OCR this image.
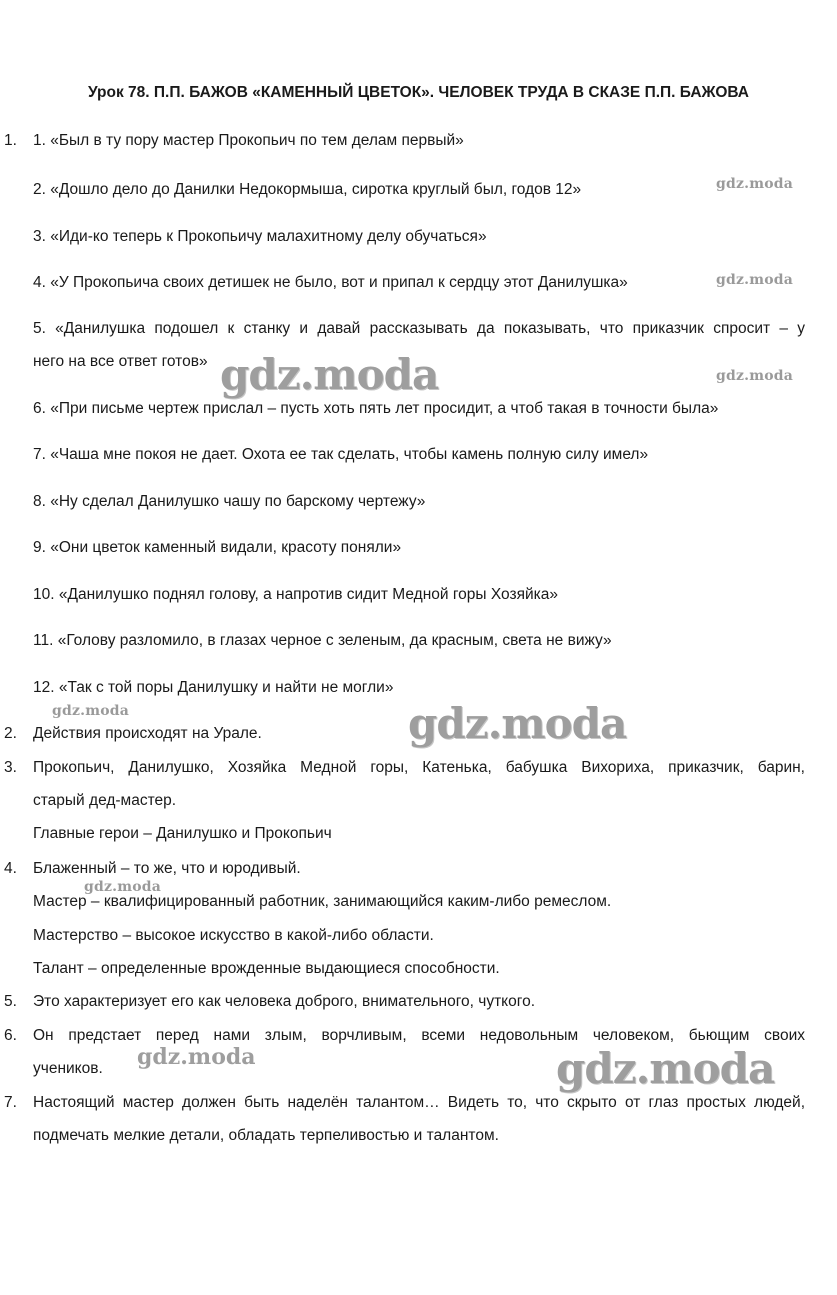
Урок 78. П.П. БАЖОВ «КАМЕННЫЙ ЦВЕТОК». ЧЕЛОВЕК ТРУДА В СКАЗЕ П.П. БАЖОВА
1. 1. «Был в ту пору мастер Прокопьич по тем делам первый»
2. «Дошло дело до Данилки Недокормыша, сиротка круглый был, годов 12»
3. «Иди-ко теперь к Прокопьичу малахитному делу обучаться»
4. «У Прокопьича своих детишек не было, вот и припал к сердцу этот Данилушка»
5. «Данилушка подошел к станку и давай рассказывать да показывать, что приказчик спросит – у
него на все ответ готов»
6. «При письме чертеж прислал – пусть хоть пять лет просидит, а чтоб такая в точности была»
7. «Чаша мне покоя не дает. Охота ее так сделать, чтобы камень полную силу имел»
8. «Ну сделал Данилушко чашу по барскому чертежу»
9. «Они цветок каменный видали, красоту поняли»
10. «Данилушко поднял голову, а напротив сидит Медной горы Хозяйка»
11. «Голову разломило, в глазах черное с зеленым, да красным, света не вижу»
12. «Так с той поры Данилушку и найти не могли»
2. Действия происходят на Урале.
3. Прокопьич, Данилушко, Хозяйка Медной горы, Катенька, бабушка Вихориха, приказчик, барин,
старый дед-мастер.
Главные герои – Данилушко и Прокопьич
4. Блаженный – то же, что и юродивый.
Мастер – квалифицированный работник, занимающийся каким-либо ремеслом.
Мастерство – высокое искусство в какой-либо области.
Талант – определенные врожденные выдающиеся способности.
5. Это характеризует его как человека доброго, внимательного, чуткого.
6. Он предстает перед нами злым, ворчливым, всеми недовольным человеком, бьющим своих
учеников.
7. Настоящий мастер должен быть наделён талантом… Видеть то, что скрыто от глаз простых людей,
подмечать мелкие детали, обладать терпеливостью и талантом.
gdz.moda
gdz.moda
gdz.moda
gdz.moda
gdz.moda	gdz.moda
gdz.moda
gdz.moda	gdz.moda
